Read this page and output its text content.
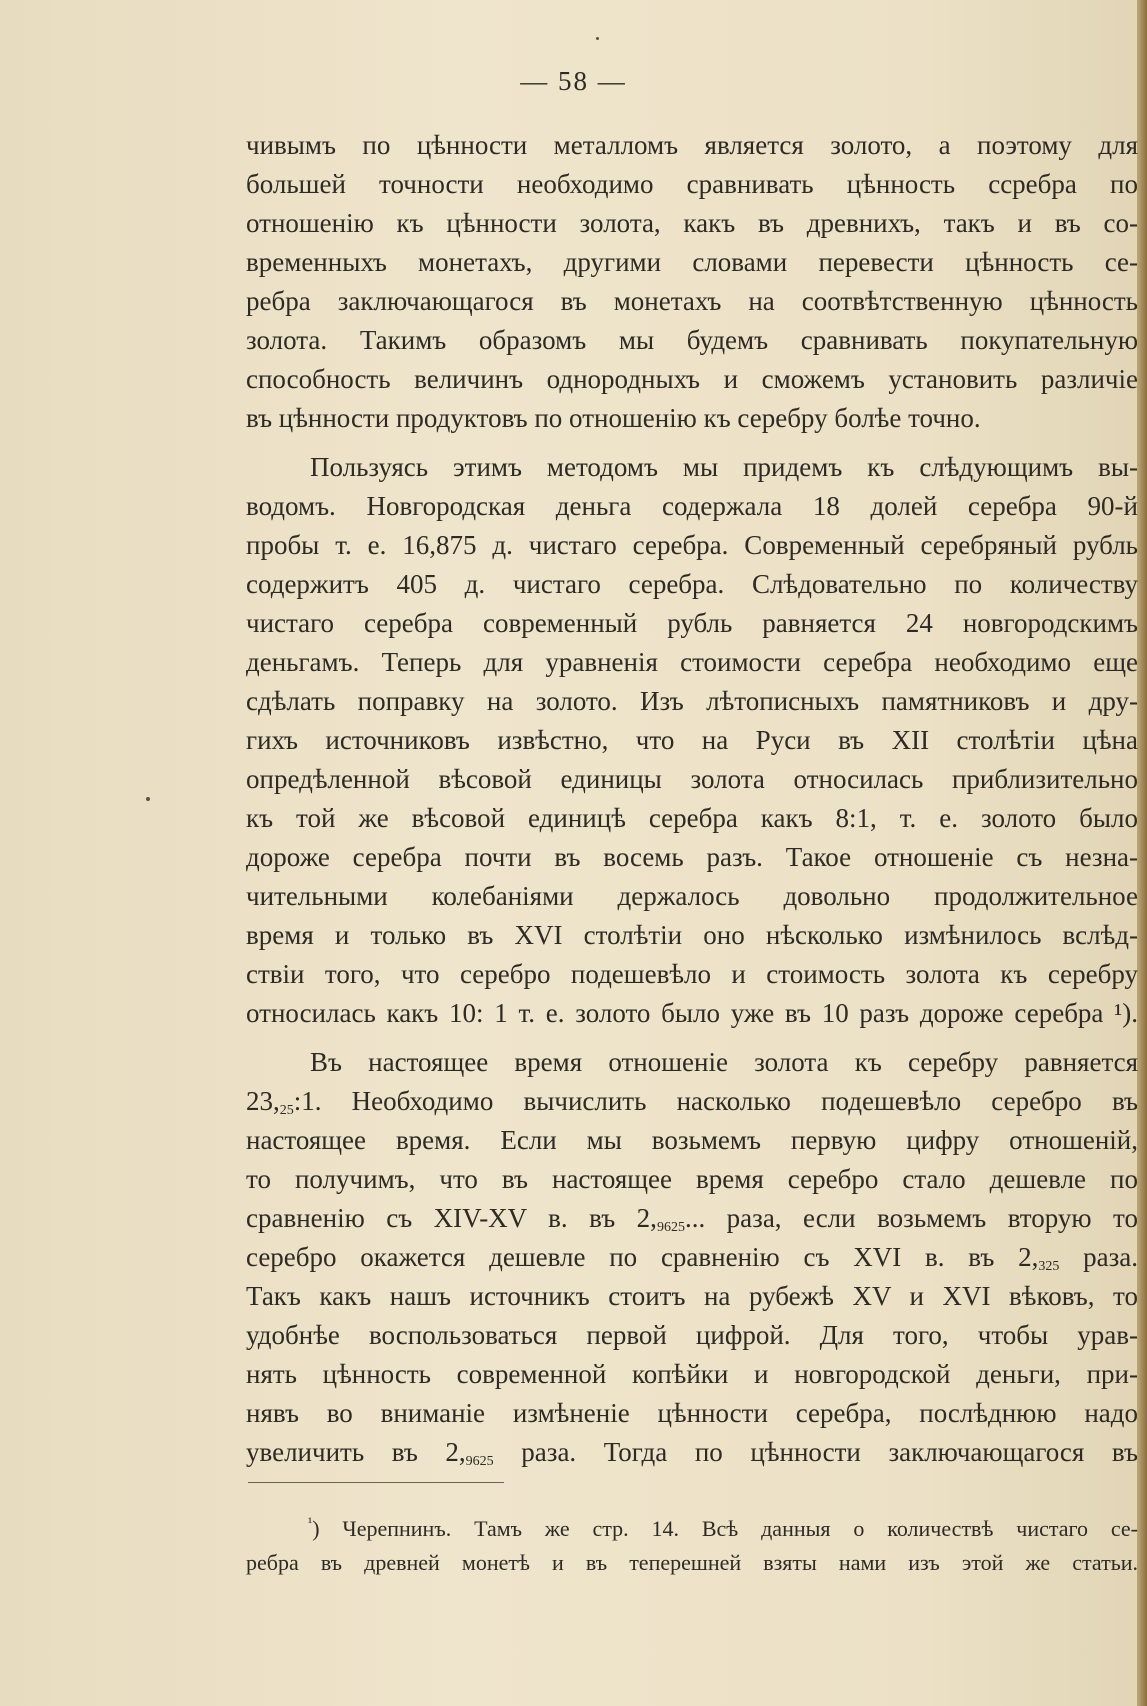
— 58 —
чивымъ по цѣнности металломъ является золото, а поэтому для
большей точности необходимо сравнивать цѣнность ссребра по
отношенію къ цѣнности золота, какъ въ древнихъ, такъ и въ со-
временныхъ монетахъ, другими словами перевести цѣнность се-
ребра заключающагося въ монетахъ на соотвѣтственную цѣнность
золота. Такимъ образомъ мы будемъ сравнивать покупательную
способность величинъ однородныхъ и сможемъ установить различіе
въ цѣнности продуктовъ по отношенію къ серебру болѣе точно.
Пользуясь этимъ методомъ мы придемъ къ слѣдующимъ вы-
водомъ. Новгородская деньга содержала 18 долей серебра 90-й
пробы т. е. 16,875 д. чистаго серебра. Современный серебряный рубль
содержитъ 405 д. чистаго серебра. Слѣдовательно по количеству
чистаго серебра современный рубль равняется 24 новгородскимъ
деньгамъ. Теперь для уравненія стоимости серебра необходимо еще
сдѣлать поправку на золото. Изъ лѣтописныхъ памятниковъ и дру-
гихъ источниковъ извѣстно, что на Руси въ XII столѣтіи цѣна
опредѣленной вѣсовой единицы золота относилась приблизительно
къ той же вѣсовой единицѣ серебра какъ 8:1, т. е. золото было
дороже серебра почти въ восемь разъ. Такое отношеніе съ незна-
чительными колебаніями держалось довольно продолжительное
время и только въ XVI столѣтіи оно нѣсколько измѣнилось вслѣд-
ствіи того, что серебро подешевѣло и стоимость золота къ серебру
относилась какъ 10: 1 т. е. золото было уже въ 10 разъ дороже серебра ¹).
Въ настоящее время отношеніе золота къ серебру равняется
$23,_{25}:1$. Необходимо вычислить насколько подешевѣло серебро въ
настоящее время. Если мы возьмемъ первую цифру отношеній,
то получимъ, что въ настоящее время серебро стало дешевле по
сравненію съ XIV-XV в. въ $2,_{9625}$... раза, если возьмемъ вторую то
серебро окажется дешевле по сравненію съ XVI в. въ $2,_{325}$ раза.
Такъ какъ нашъ источникъ стоитъ на рубежѣ XV и XVI вѣковъ, то
удобнѣе воспользоваться первой цифрой. Для того, чтобы урав-
нять цѣнность современной копѣйки и новгородской деньги, при-
нявъ во вниманіе измѣненіе цѣнности серебра, послѣднюю надо
увеличить въ $2,_{9625}$ раза. Тогда по цѣнности заключающагося въ
$^{^1}$) Черепнинъ. Тамъ же стр. 14. Всѣ данныя о количествѣ чистаго се-
ребра въ древней монетѣ и въ теперешней взяты нами изъ этой же статьи.
